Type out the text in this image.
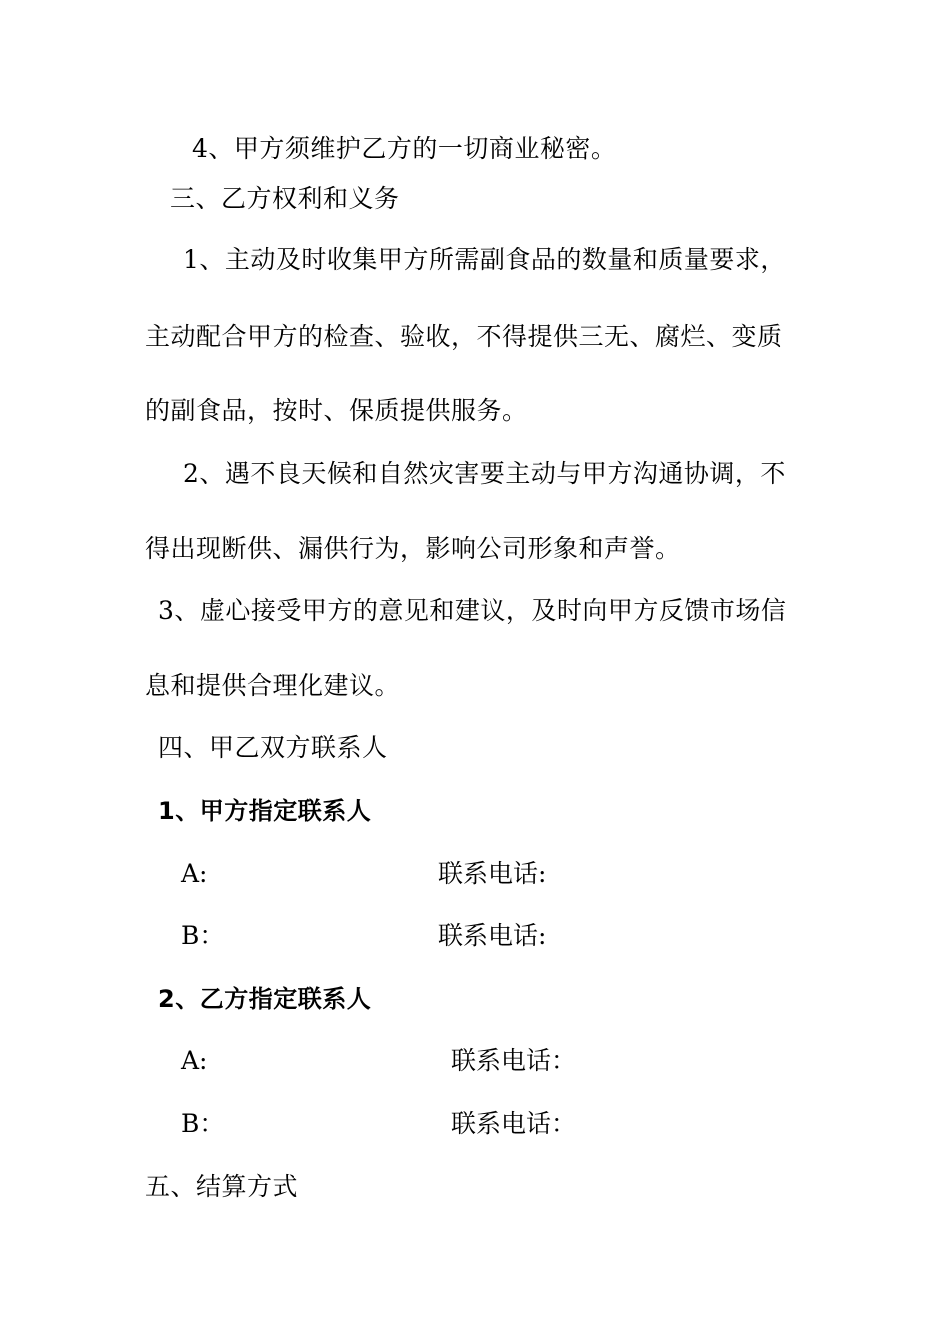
4、甲方须维护乙方的一切商业秘密。
三、乙方权利和义务
1、主动及时收集甲方所需副食品的数量和质量要求，
主动配合甲方的检查、验收，不得提供三无、腐烂、变质
的副食品，按时、保质提供服务。
2、遇不良天候和自然灾害要主动与甲方沟通协调，不
得出现断供、漏供行为，影响公司形象和声誉。
3、虚心接受甲方的意见和建议，及时向甲方反馈市场信
息和提供合理化建议。
四、甲乙双方联系人
1、甲方指定联系人
A:	联系电话:
B：	联系电话:
2、乙方指定联系人
A:	联系电话：
B：	联系电话：
五、结算方式
